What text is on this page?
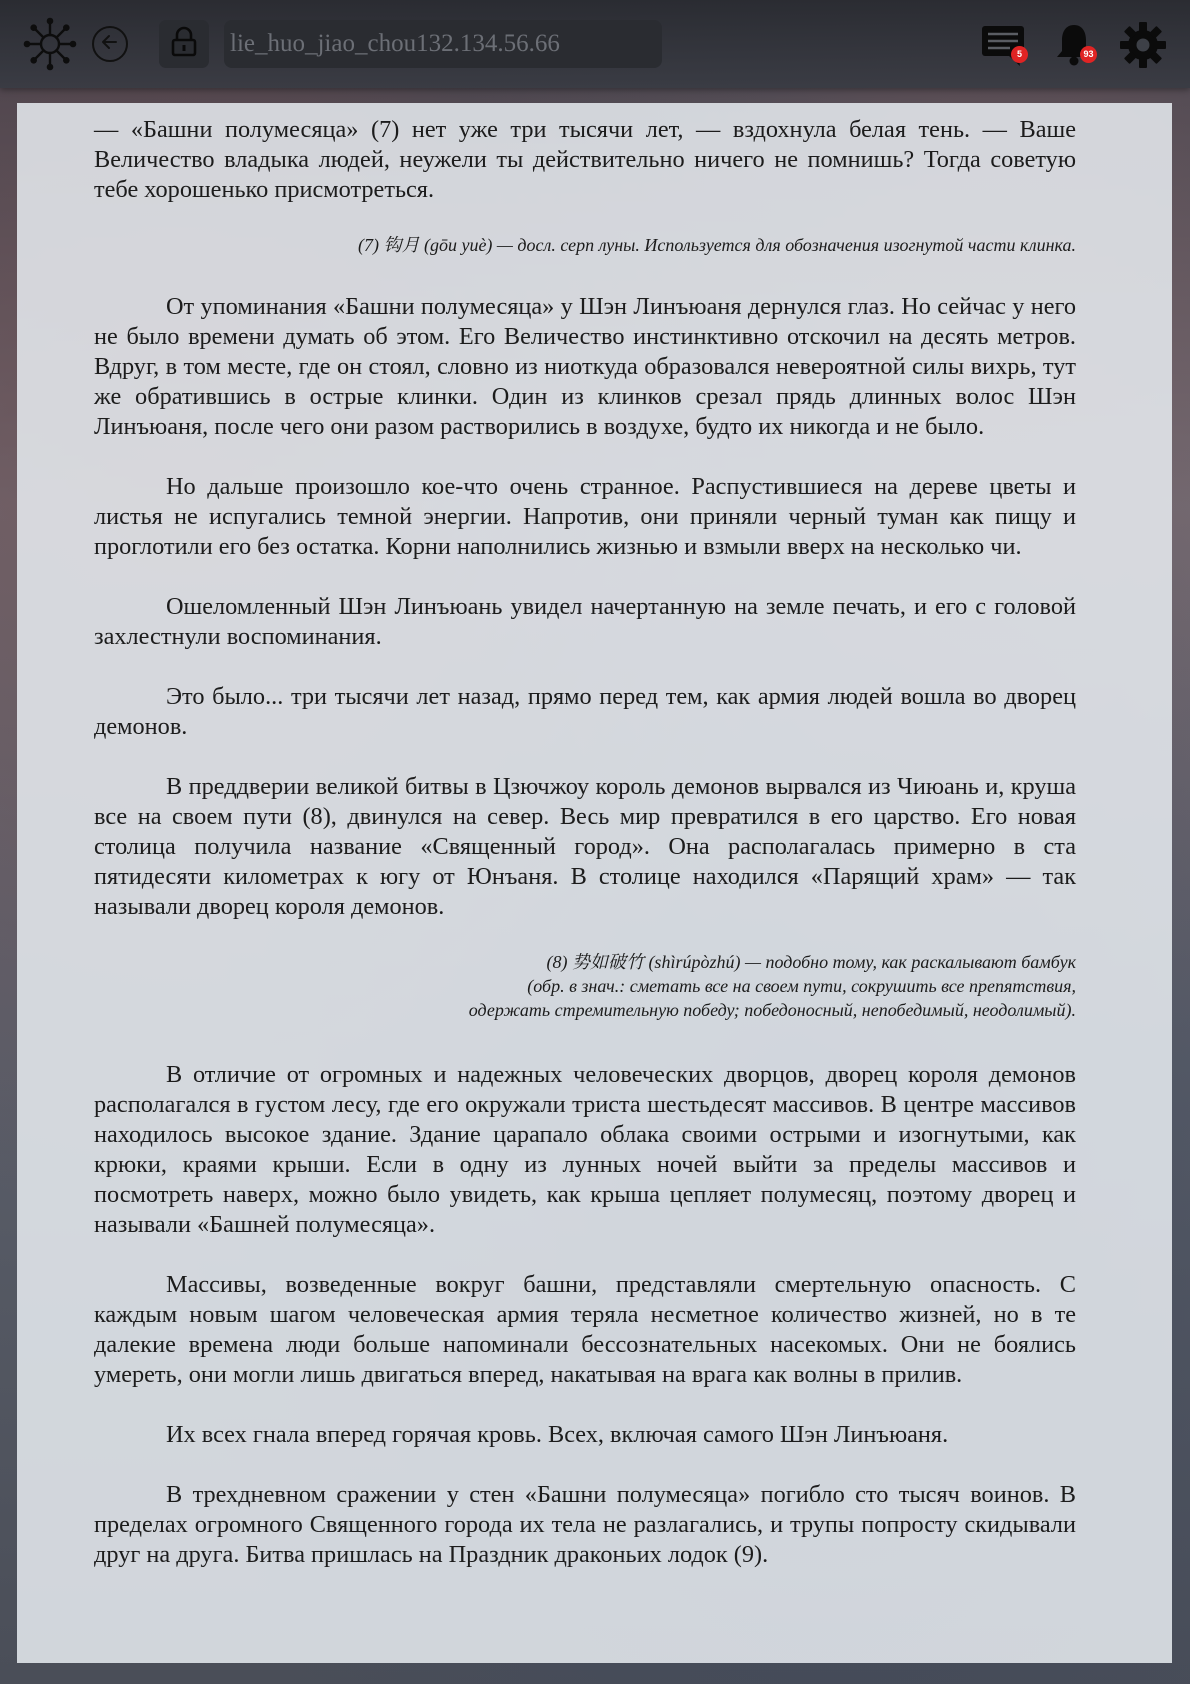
lie_huo_jiao_chou132.134.56.66	5	93

— «Башни полумесяца» (7) нет уже три тысячи лет, — вздохнула белая тень. — Ваше Величество владыка людей, неужели ты действительно ничего не помнишь? Тогда советую тебе хорошенько присмотреться.

(7) 钩月 (gōu yuè) — досл. серп луны. Используется для обозначения изогнутой части клинка.

От упоминания «Башни полумесяца» у Шэн Линъюаня дернулся глаз. Но сейчас у него не было времени думать об этом. Его Величество инстинктивно отскочил на десять метров. Вдруг, в том месте, где он стоял, словно из ниоткуда образовался невероятной силы вихрь, тут же обратившись в острые клинки. Один из клинков срезал прядь длинных волос Шэн Линъюаня, после чего они разом растворились в воздухе, будто их никогда и не было.

Но дальше произошло кое-что очень странное. Распустившиеся на дереве цветы и листья не испугались темной энергии. Напротив, они приняли черный туман как пищу и проглотили его без остатка. Корни наполнились жизнью и взмыли вверх на несколько чи.

Ошеломленный Шэн Линъюань увидел начертанную на земле печать, и его с головой захлестнули воспоминания.

Это было... три тысячи лет назад, прямо перед тем, как армия людей вошла во дворец демонов.

В преддверии великой битвы в Цзючжоу король демонов вырвался из Чиюань и, круша все на своем пути (8), двинулся на север. Весь мир превратился в его царство. Его новая столица получила название «Священный город». Она располагалась примерно в ста пятидесяти километрах к югу от Юнъаня. В столице находился «Парящий храм» — так называли дворец короля демонов.

(8) 势如破竹 (shìrúpòzhú) — подобно тому, как раскалывают бамбук

(обр. в знач.: сметать все на своем пути, сокрушить все препятствия,

одержать стремительную победу; победоносный, непобедимый, неодолимый).

В отличие от огромных и надежных человеческих дворцов, дворец короля демонов располагался в густом лесу, где его окружали триста шестьдесят массивов. В центре массивов находилось высокое здание. Здание царапало облака своими острыми и изогнутыми, как крюки, краями крыши. Если в одну из лунных ночей выйти за пределы массивов и посмотреть наверх, можно было увидеть, как крыша цепляет полумесяц, поэтому дворец и называли «Башней полумесяца».

Массивы, возведенные вокруг башни, представляли смертельную опасность. С каждым новым шагом человеческая армия теряла несметное количество жизней, но в те далекие времена люди больше напоминали бессознательных насекомых. Они не боялись умереть, они могли лишь двигаться вперед, накатывая на врага как волны в прилив.

Их всех гнала вперед горячая кровь. Всех, включая самого Шэн Линъюаня.

В трехдневном сражении у стен «Башни полумесяца» погибло сто тысяч воинов. В пределах огромного Священного города их тела не разлагались, и трупы попросту скидывали друг на друга. Битва пришлась на Праздник драконьих лодок (9).
